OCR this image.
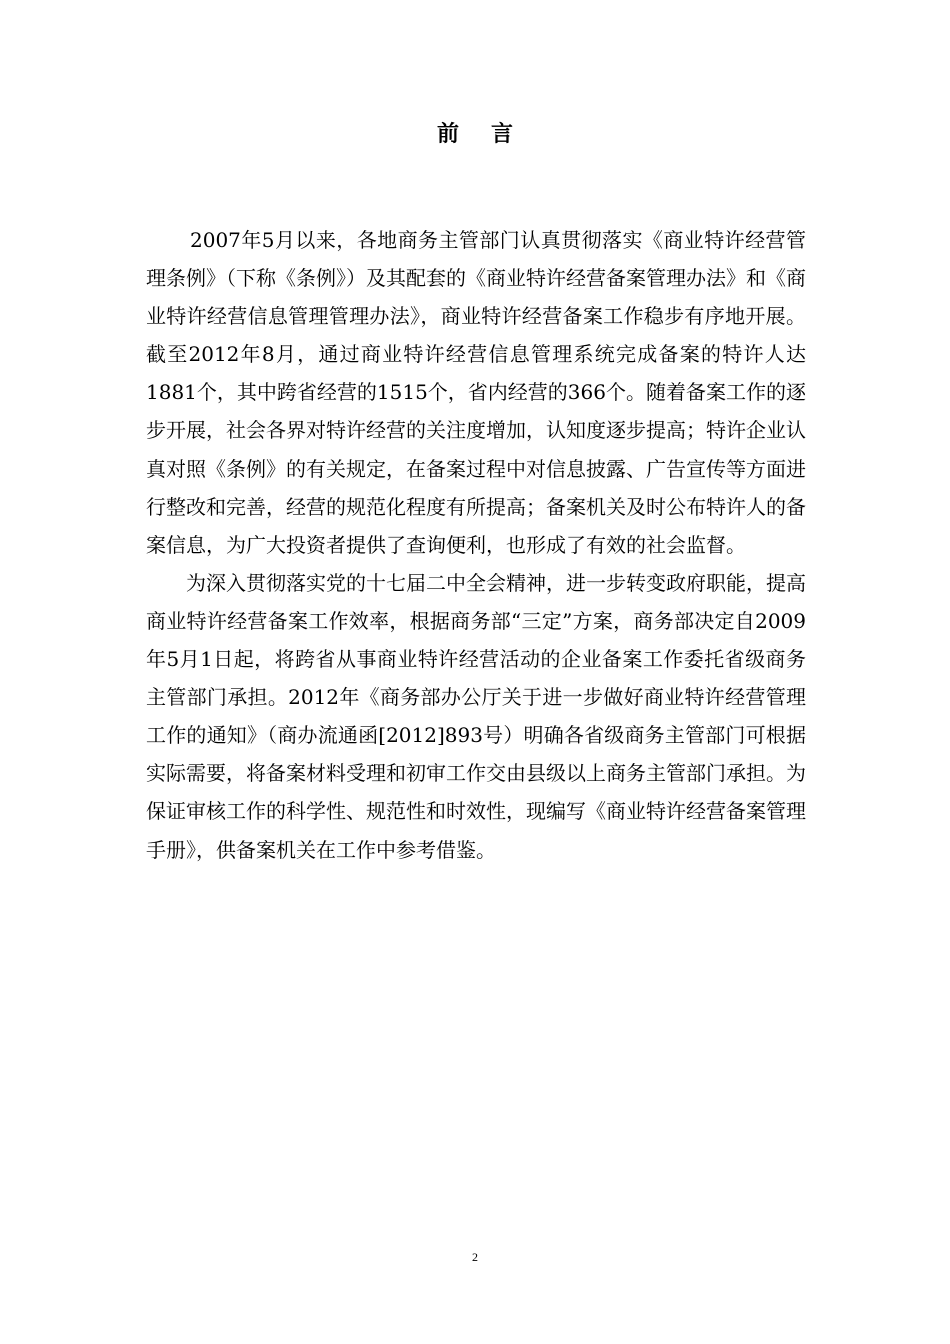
前言

2007年5月以来，各地商务主管部门认真贯彻落实《商业特许经营管理条例》（下称《条例》）及其配套的《商业特许经营备案管理办法》和《商业特许经营信息管理管理办法》，商业特许经营备案工作稳步有序地开展。截至2012年8月，通过商业特许经营信息管理系统完成备案的特许人达1881个，其中跨省经营的1515个，省内经营的366个。随着备案工作的逐步开展，社会各界对特许经营的关注度增加，认知度逐步提高；特许企业认真对照《条例》的有关规定，在备案过程中对信息披露、广告宣传等方面进行整改和完善，经营的规范化程度有所提高；备案机关及时公布特许人的备案信息，为广大投资者提供了查询便利，也形成了有效的社会监督。

为深入贯彻落实党的十七届二中全会精神，进一步转变政府职能，提高商业特许经营备案工作效率，根据商务部“三定”方案，商务部决定自2009年5月1日起，将跨省从事商业特许经营活动的企业备案工作委托省级商务主管部门承担。2012年《商务部办公厅关于进一步做好商业特许经营管理工作的通知》（商办流通函[2012]893号）明确各省级商务主管部门可根据实际需要，将备案材料受理和初审工作交由县级以上商务主管部门承担。为保证审核工作的科学性、规范性和时效性，现编写《商业特许经营备案管理手册》，供备案机关在工作中参考借鉴。

2
